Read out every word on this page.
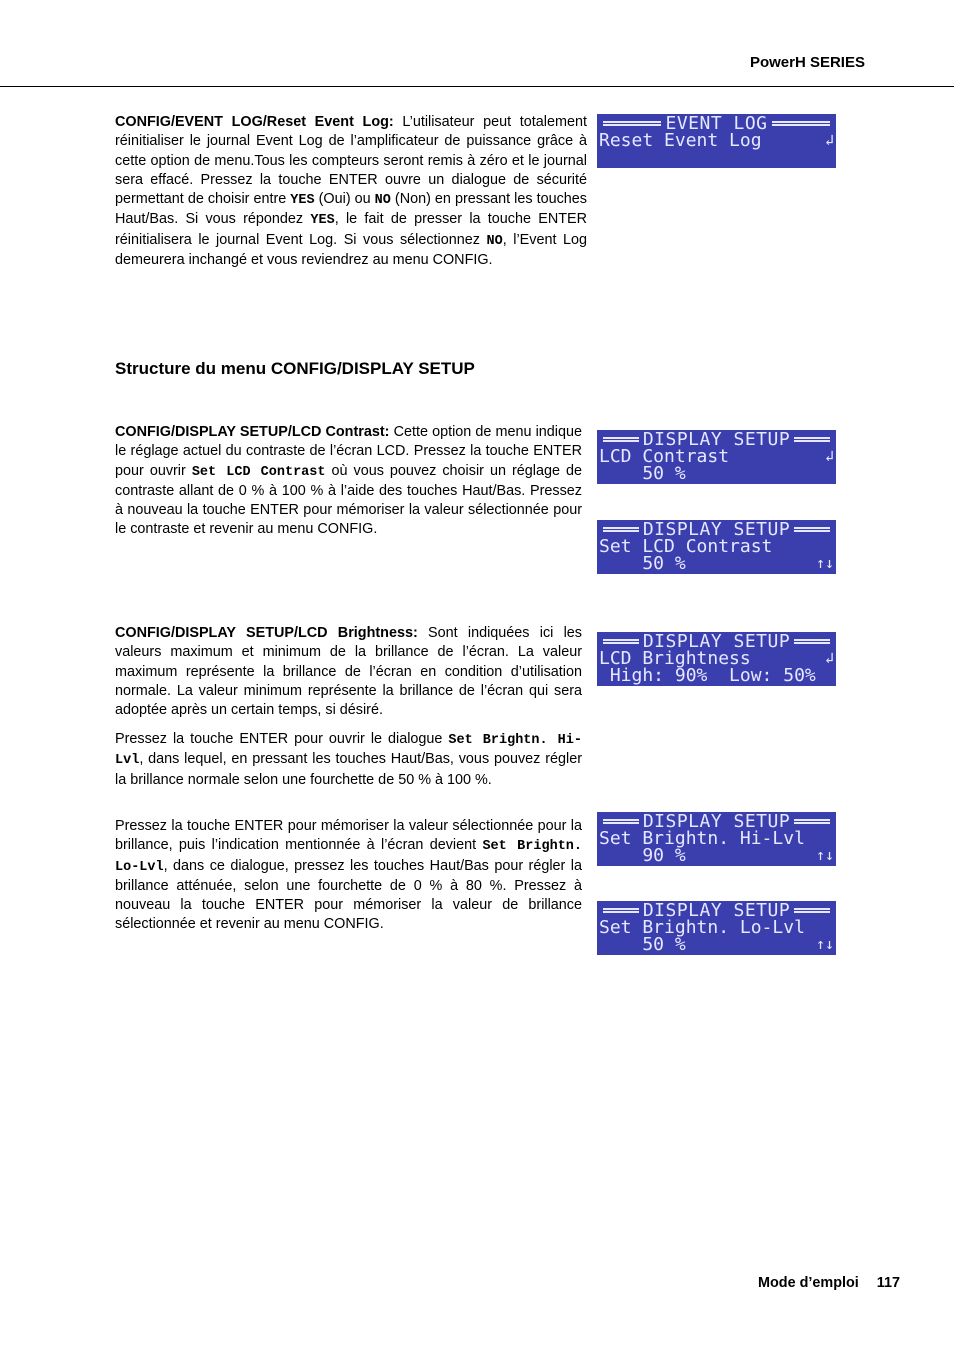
PowerH SERIES

CONFIG/EVENT LOG/Reset Event Log: L’utilisateur peut totalement réinitialiser le journal Event Log de l’amplificateur de puissance grâce à cette option de menu.Tous les compteurs seront remis à zéro et le journal sera effacé. Pressez la touche ENTER ouvre un dialogue de sécurité permettant de choisir entre YES (Oui) ou NO (Non) en pressant les touches Haut/Bas. Si vous répondez YES, le fait de presser la touche ENTER réinitialisera le journal Event Log. Si vous sélectionnez NO, l’Event Log demeurera inchangé et vous reviendrez au menu CONFIG.

Structure du menu CONFIG/DISPLAY SETUP

CONFIG/DISPLAY SETUP/LCD Contrast: Cette option de menu indique le réglage actuel du contraste de l’écran LCD. Pressez la touche ENTER pour ouvrir Set LCD Contrast où vous pouvez choisir un réglage de contraste allant de 0 % à 100 % à l’aide des touches Haut/Bas. Pressez à nouveau la touche ENTER pour mémoriser la valeur sélectionnée pour le contraste et revenir au menu CONFIG.

CONFIG/DISPLAY SETUP/LCD Brightness: Sont indiquées ici les valeurs maximum et minimum de la brillance de l’écran. La valeur maximum représente la brillance de l’écran en condition d’utilisation normale. La valeur minimum représente la brillance de l’écran qui sera adoptée après un certain temps, si désiré.

Pressez la touche ENTER pour ouvrir le dialogue Set Brightn. Hi-Lvl, dans lequel, en pressant les touches Haut/Bas, vous pouvez régler la brillance normale selon une fourchette de 50 % à 100 %.

Pressez la touche ENTER pour mémoriser la valeur sélectionnée pour la brillance, puis l’indication mentionnée à l’écran devient Set Brightn. Lo-Lvl, dans ce dialogue, pressez les touches Haut/Bas pour régler la brillance atténuée, selon une fourchette de 0 % à 80 %. Pressez à nouveau la touche ENTER pour mémoriser la valeur de brillance sélectionnée et revenir au menu CONFIG.

EVENT LOG
Reset Event Log	↲
DISPLAY SETUP
LCD Contrast	↲
50 %
DISPLAY SETUP
Set LCD Contrast
50 %	↑↓
DISPLAY SETUP
LCD Brightness	↲
High: 90%  Low: 50%
DISPLAY SETUP
Set Brightn. Hi-Lvl
90 %	↑↓
DISPLAY SETUP
Set Brightn. Lo-Lvl
50 %	↑↓
Mode d’emploi 117
